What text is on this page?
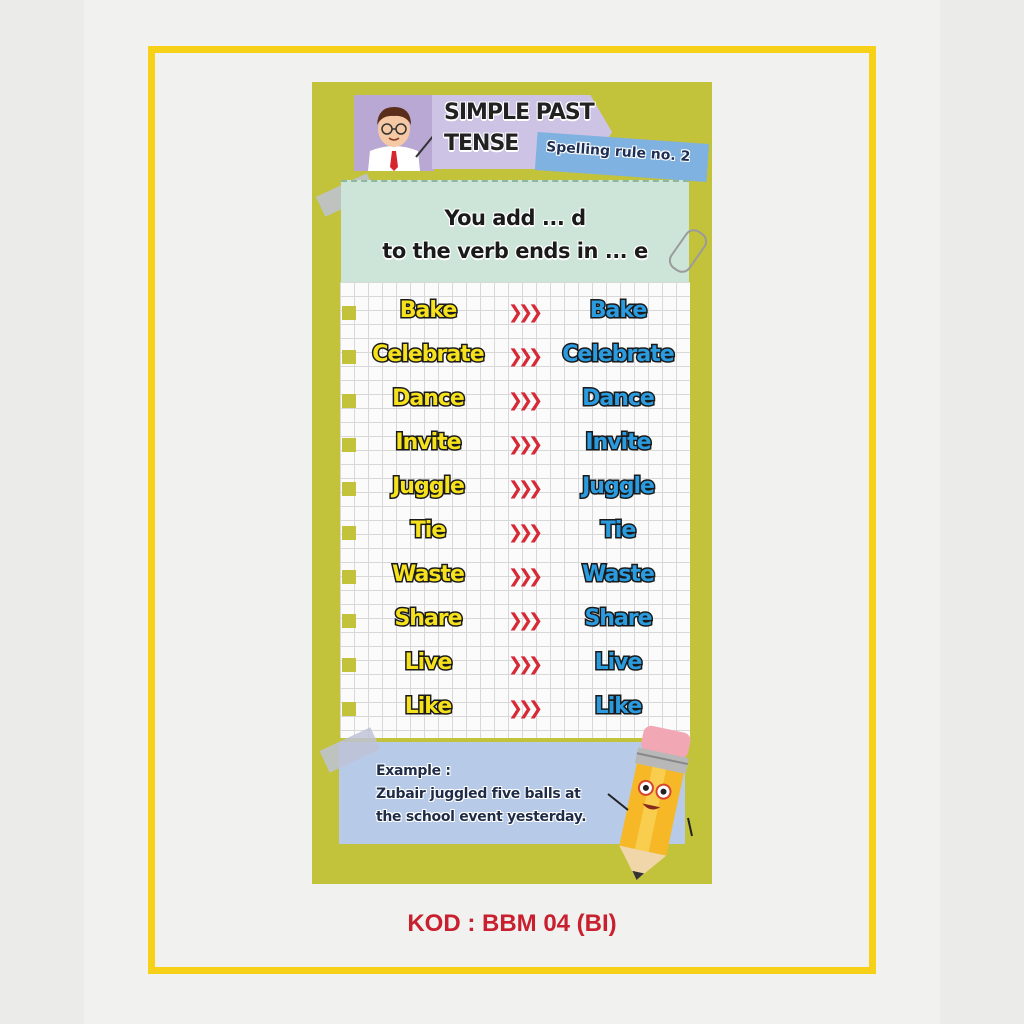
SIMPLE PAST
TENSE	Spelling rule no. 2
You add ... d
to the verb ends in ... e
Bake	❯❯❯	Bake
Celebrate	❯❯❯	Celebrate
Dance	❯❯❯	Dance
Invite	❯❯❯	Invite
Juggle	❯❯❯	Juggle
Tie	❯❯❯	Tie
Waste	❯❯❯	Waste
Share	❯❯❯	Share
Live	❯❯❯	Live
Like	❯❯❯	Like
Example :
Zubair juggled five balls at
the school event yesterday.
KOD : BBM 04 (BI)
